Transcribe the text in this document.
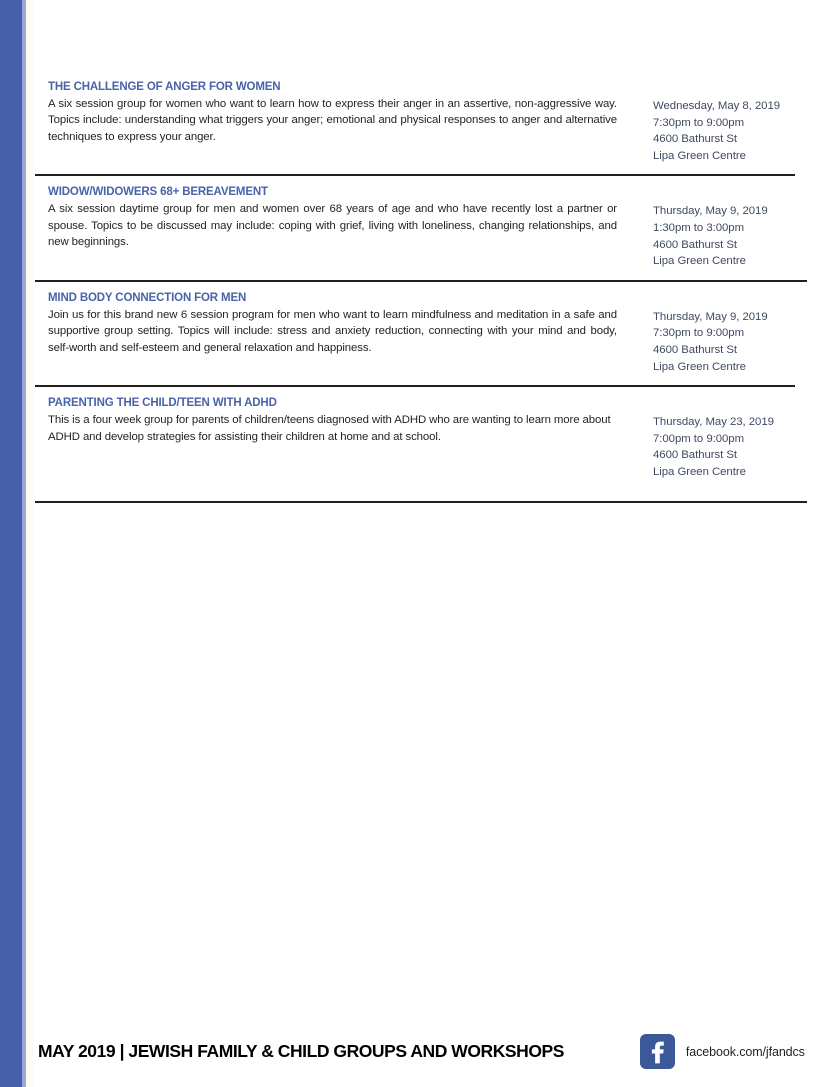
THE CHALLENGE OF ANGER FOR WOMEN

A six session group for women who want to learn how to express their anger in an assertive, non-aggressive way. Topics include: understanding what triggers your anger; emotional and physical responses to anger and alternative techniques to express your anger.

Wednesday, May 8, 2019
7:30pm to 9:00pm
4600 Bathurst St
Lipa Green Centre

WIDOW/WIDOWERS 68+ BEREAVEMENT

A six session daytime group for men and women over 68 years of age and who have recently lost a partner or spouse. Topics to be discussed may include: coping with grief, living with loneliness, changing relationships, and new beginnings.

Thursday, May 9, 2019
1:30pm to 3:00pm
4600 Bathurst St
Lipa Green Centre

MIND BODY CONNECTION FOR MEN

Join us for this brand new 6 session program for men who want to learn mindfulness and meditation in a safe and supportive group setting. Topics will include: stress and anxiety reduction, connecting with your mind and body, self-worth and self-esteem and general relaxation and happiness.

Thursday, May 9, 2019
7:30pm to 9:00pm
4600 Bathurst St
Lipa Green Centre

PARENTING THE CHILD/TEEN WITH ADHD

This is a four week group for parents of children/teens diagnosed with ADHD who are wanting to learn more about ADHD and develop strategies for assisting their children at home and at school.

Thursday, May 23, 2019
7:00pm to 9:00pm
4600 Bathurst St
Lipa Green Centre
MAY 2019 | JEWISH FAMILY & CHILD GROUPS AND WORKSHOPS	facebook.com/jfandcs
